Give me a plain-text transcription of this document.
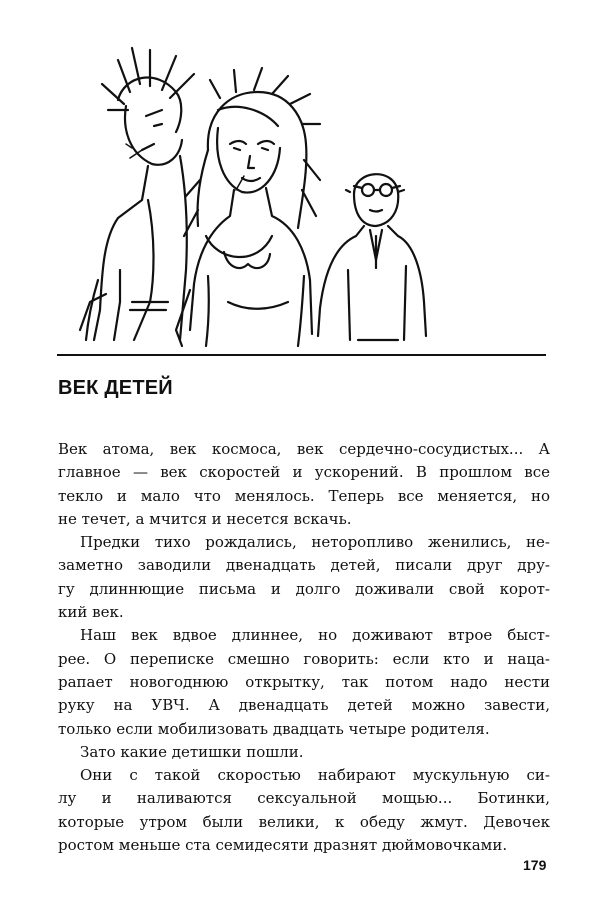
ВЕК ДЕТЕЙ
Век атома, век космоса, век сердечно-сосудистых... А
главное — век скоростей и ускорений. В прошлом все
текло и мало что менялось. Теперь все меняется, но
не течет, а мчится и несется вскачь.
Предки тихо рождались, неторопливо женились, не-
заметно заводили двенадцать детей, писали друг дру-
гу длиннющие письма и долго доживали свой корот-
кий век.
Наш век вдвое длиннее, но доживают втрое быст-
рее. О переписке смешно говорить: если кто и нaца-
рапает новогоднюю открытку, так потом надо нести
руку на УВЧ. А двенадцать детей можно завести,
только если мобилизовать двадцать четыре родителя.
Зато какие детишки пошли.
Они с такой скоростью набирают мускульную си-
лу и наливаются сексуальной мощью... Ботинки,
которые утром были велики, к обеду жмут. Девочек
ростом меньше ста семидесяти дразнят дюймовочками.
179
